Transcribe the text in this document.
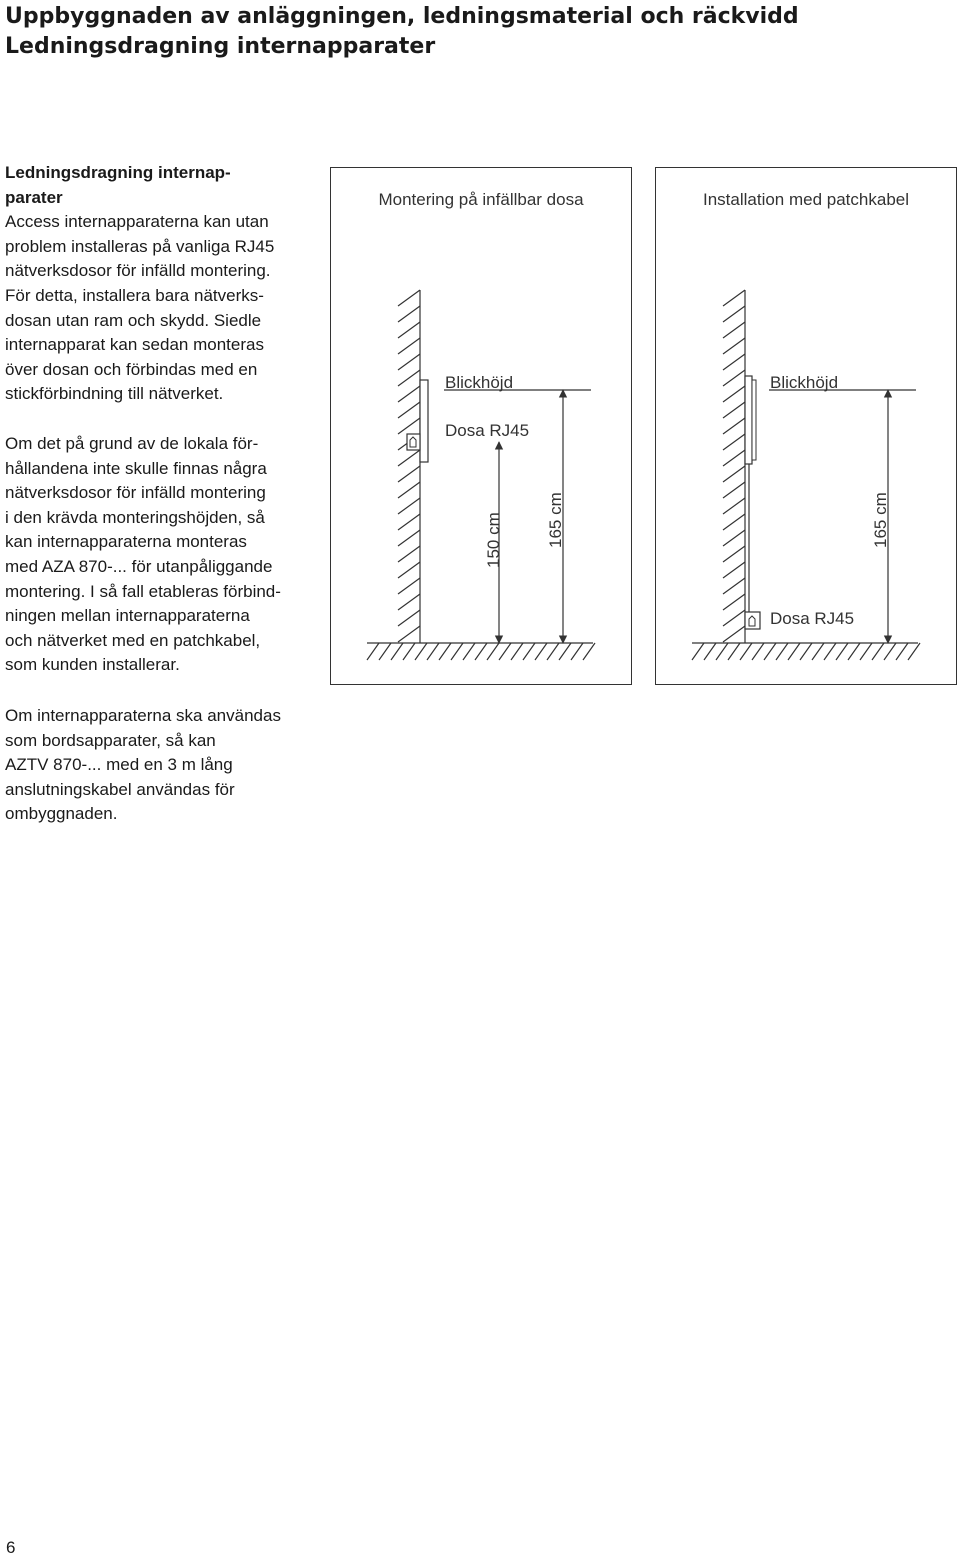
Uppbyggnaden av anläggningen, ledningsmaterial och räckvidd
Ledningsdragning internapparater
Ledningsdragning internap-
parater

Access internapparaterna kan utan
problem installeras på vanliga RJ45
nätverksdosor för infälld montering.
För detta, installera bara nätverks-
dosan utan ram och skydd. Siedle
internapparat kan sedan monteras
över dosan och förbindas med en
stickförbindning till nätverket.

Om det på grund av de lokala för-
hållandena inte skulle finnas några
nätverksdosor för infälld montering
i den krävda monteringshöjden, så
kan internapparaterna monteras
med AZA 870-... för utanpåliggande
montering. I så fall etableras förbind-
ningen mellan internapparaterna
och nätverket med en patchkabel,
som kunden installerar.

Om internapparaterna ska användas
som bordsapparater, så kan
AZTV 870-... med en 3 m lång
anslutningskabel användas för
ombyggnaden.

Montering på infällbar dosa
Blickhöjd
Dosa RJ45
150 cm	165 cm
Installation med patchkabel
Blickhöjd
Dosa RJ45
165 cm
6
